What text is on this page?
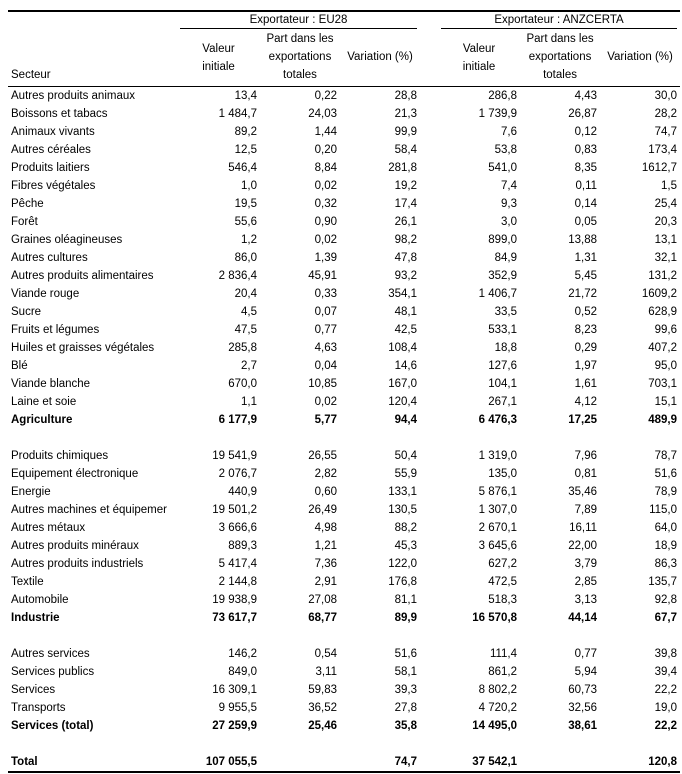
	Exportateur : EU28				Exportateur : ANZCERTA		

Secteur	Valeur initiale	Part dans les exportations totales	Variation (%)		Valeur initiale	Part dans les exportations totales	Variation (%)
Autres produits animaux	13,4	0,22	28,8		286,8	4,43	30,0
Boissons et tabacs	1 484,7	24,03	21,3		1 739,9	26,87	28,2
Animaux vivants	89,2	1,44	99,9		7,6	0,12	74,7
Autres céréales	12,5	0,20	58,4		53,8	0,83	173,4
Produits laitiers	546,4	8,84	281,8		541,0	8,35	1612,7
Fibres végétales	1,0	0,02	19,2		7,4	0,11	1,5
Pêche	19,5	0,32	17,4		9,3	0,14	25,4
Forêt	55,6	0,90	26,1		3,0	0,05	20,3
Graines oléagineuses	1,2	0,02	98,2		899,0	13,88	13,1
Autres cultures	86,0	1,39	47,8		84,9	1,31	32,1
Autres produits alimentaires	2 836,4	45,91	93,2		352,9	5,45	131,2
Viande rouge	20,4	0,33	354,1		1 406,7	21,72	1609,2
Sucre	4,5	0,07	48,1		33,5	0,52	628,9
Fruits et légumes	47,5	0,77	42,5		533,1	8,23	99,6
Huiles et graisses végétales	285,8	4,63	108,4		18,8	0,29	407,2
Blé	2,7	0,04	14,6		127,6	1,97	95,0
Viande blanche	670,0	10,85	167,0		104,1	1,61	703,1
Laine et soie	1,1	0,02	120,4		267,1	4,12	15,1
Agriculture	6 177,9	5,77	94,4		6 476,3	17,25	489,9

Produits chimiques	19 541,9	26,55	50,4		1 319,0	7,96	78,7
Equipement électronique	2 076,7	2,82	55,9		135,0	0,81	51,6
Energie	440,9	0,60	133,1		5 876,1	35,46	78,9
Autres machines et équipemer	19 501,2	26,49	130,5		1 307,0	7,89	115,0
Autres métaux	3 666,6	4,98	88,2		2 670,1	16,11	64,0
Autres produits minéraux	889,3	1,21	45,3		3 645,6	22,00	18,9
Autres produits industriels	5 417,4	7,36	122,0		627,2	3,79	86,3
Textile	2 144,8	2,91	176,8		472,5	2,85	135,7
Automobile	19 938,9	27,08	81,1		518,3	3,13	92,8
Industrie	73 617,7	68,77	89,9		16 570,8	44,14	67,7

Autres services	146,2	0,54	51,6		111,4	0,77	39,8
Services publics	849,0	3,11	58,1		861,2	5,94	39,4
Services	16 309,1	59,83	39,3		8 802,2	60,73	22,2
Transports	9 955,5	36,52	27,8		4 720,2	32,56	19,0
Services (total)	27 259,9	25,46	35,8		14 495,0	38,61	22,2

Total	107 055,5		74,7		37 542,1		120,8
